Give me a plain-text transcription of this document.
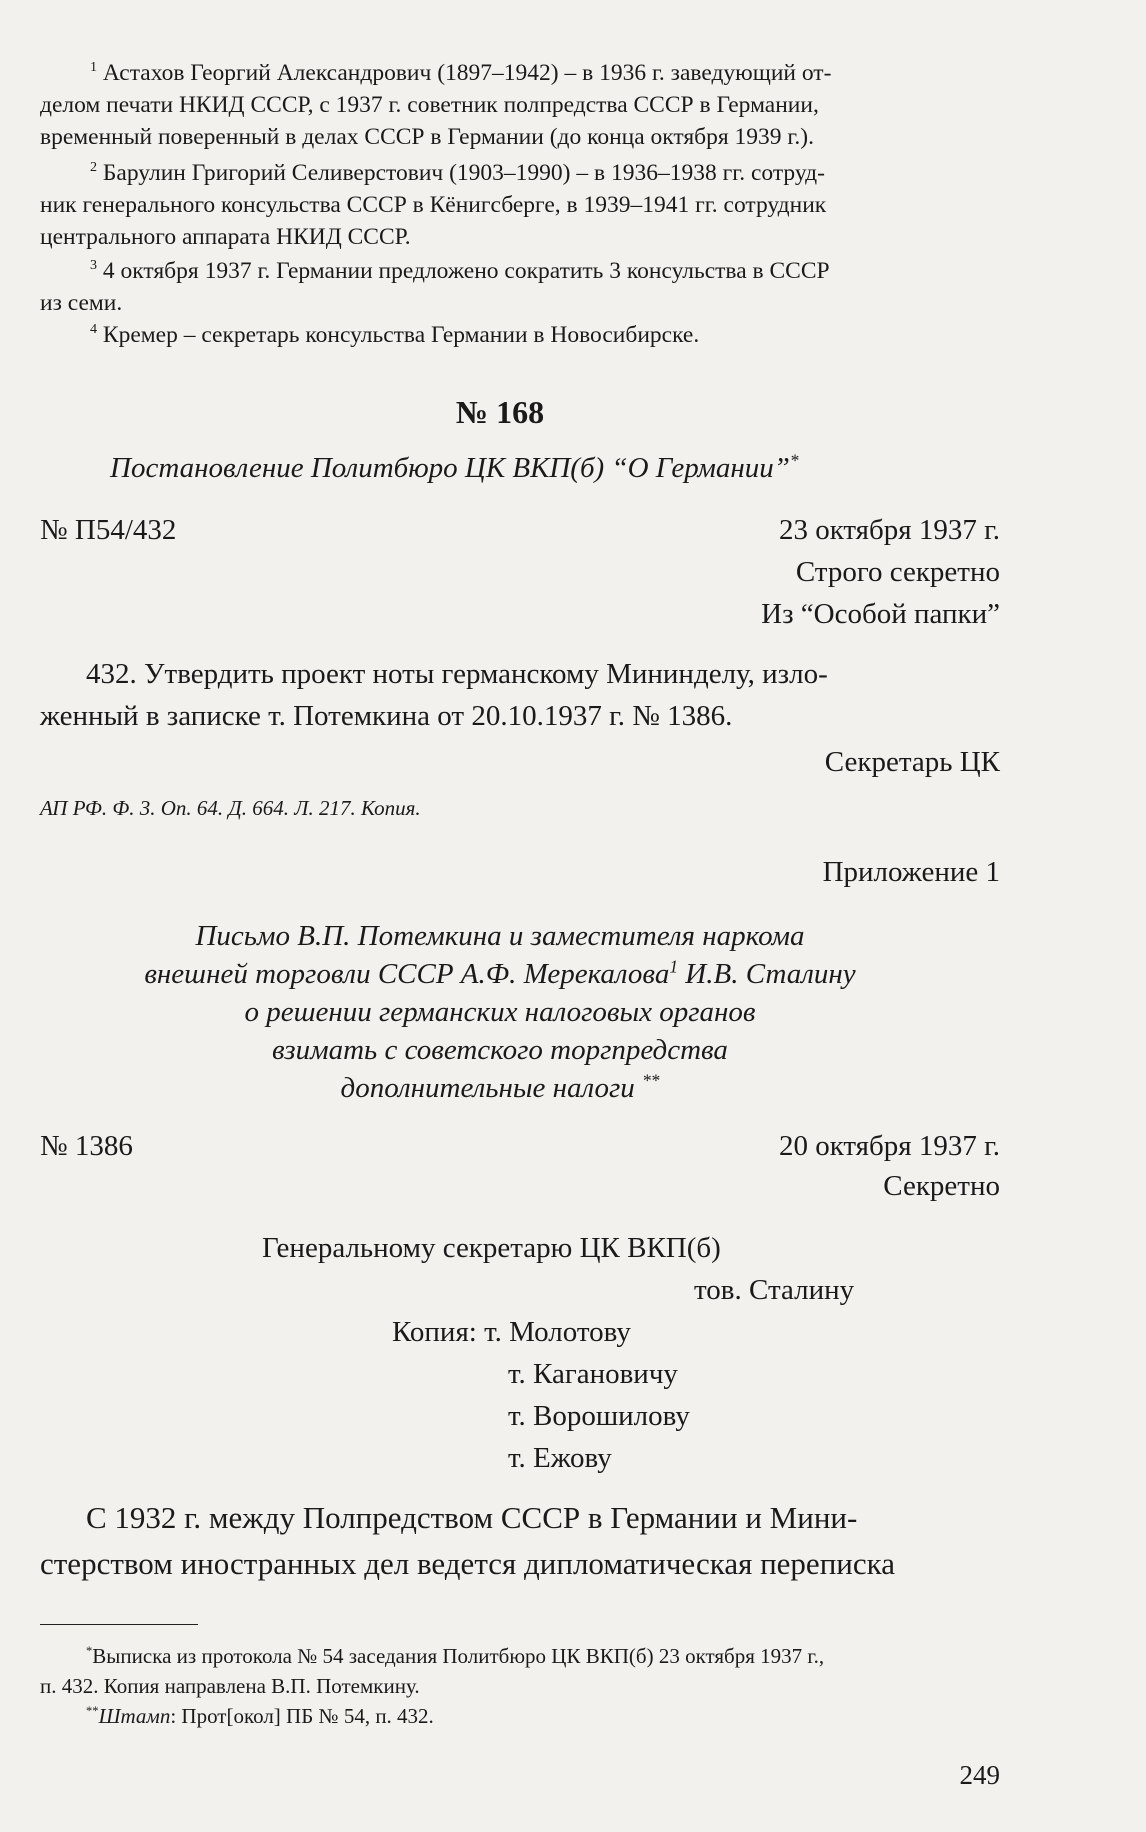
$^1$ Астахов Георгий Александрович (1897–1942) – в 1936 г. заведующий от-
делом печати НКИД СССР, с 1937 г. советник полпредства СССР в Германии,
временный поверенный в делах СССР в Германии (до конца октября 1939 г.).
$^2$ Барулин Григорий Селиверстович (1903–1990) – в 1936–1938 гг. сотруд-
ник генерального консульства СССР в Кёнигсберге, в 1939–1941 гг. сотрудник
центрального аппарата НКИД СССР.
$^3$ 4 октября 1937 г. Германии предложено сократить 3 консульства в СССР
из семи.
$^4$ Кремер – секретарь консульства Германии в Новосибирске.
№ 168
Постановление Политбюро ЦК ВКП(б) “О Германии”*
№ П54/432	23 октября 1937 г.
Строго секретно
Из “Особой папки”
432. Утвердить проект ноты германскому Мининделу, изло-
женный в записке т. Потемкина от 20.10.1937 г. № 1386.
Секретарь ЦК
АП РФ. Ф. 3. Оп. 64. Д. 664. Л. 217. Копия.
Приложение 1
Письмо В.П. Потемкина и заместителя наркома
внешней торговли СССР А.Ф. Мерекалова$^1$ И.В. Сталину
о решении германских налоговых органов
взимать с советского торгпредства
дополнительные налоги **
№ 1386	20 октября 1937 г.
Секретно
Генеральному секретарю ЦК ВКП(б)
тов. Сталину
Копия: т. Молотову
т. Кагановичу
т. Ворошилову
т. Ежову
С 1932 г. между Полпредством СССР в Германии и Мини-
стерством иностранных дел ведется дипломатическая переписка
*Выписка из протокола № 54 заседания Политбюро ЦК ВКП(б) 23 октября 1937 г.,
п. 432. Копия направлена В.П. Потемкину.
**Штамп: Прот[окол] ПБ № 54, п. 432.
249
